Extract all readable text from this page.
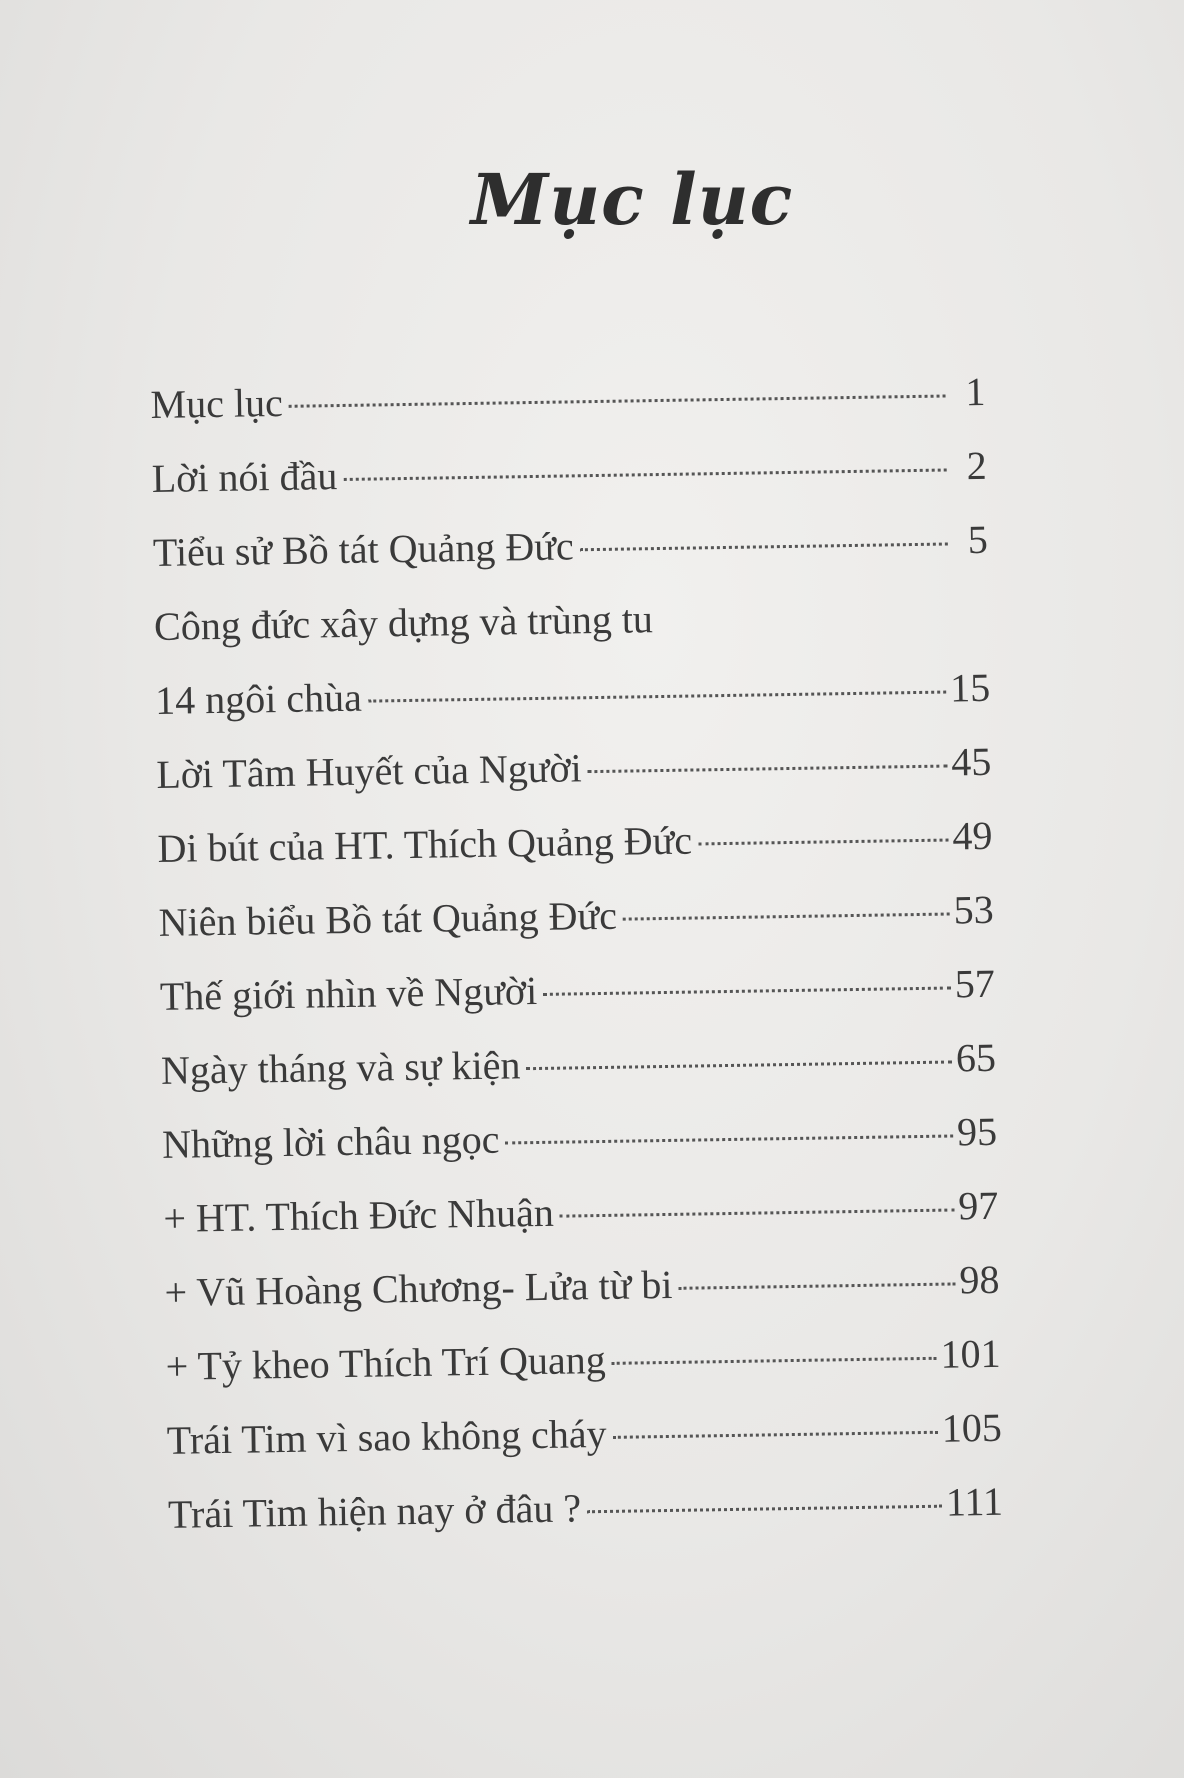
Mục lục
Mục lục	1
Lời nói đầu	2
Tiểu sử Bồ tát Quảng Đức	5
Công đức xây dựng và trùng tu
14 ngôi chùa	15
Lời Tâm Huyết của Người	45
Di bút của HT. Thích Quảng Đức	49
Niên biểu Bồ tát Quảng Đức	53
Thế giới nhìn về Người	57
Ngày tháng và sự kiện	65
Những lời châu ngọc	95
+ HT. Thích Đức Nhuận	97
+ Vũ Hoàng Chương- Lửa từ bi	98
+ Tỷ kheo Thích Trí Quang	101
Trái Tim vì sao không cháy	105
Trái Tim hiện nay ở đâu ?	111
